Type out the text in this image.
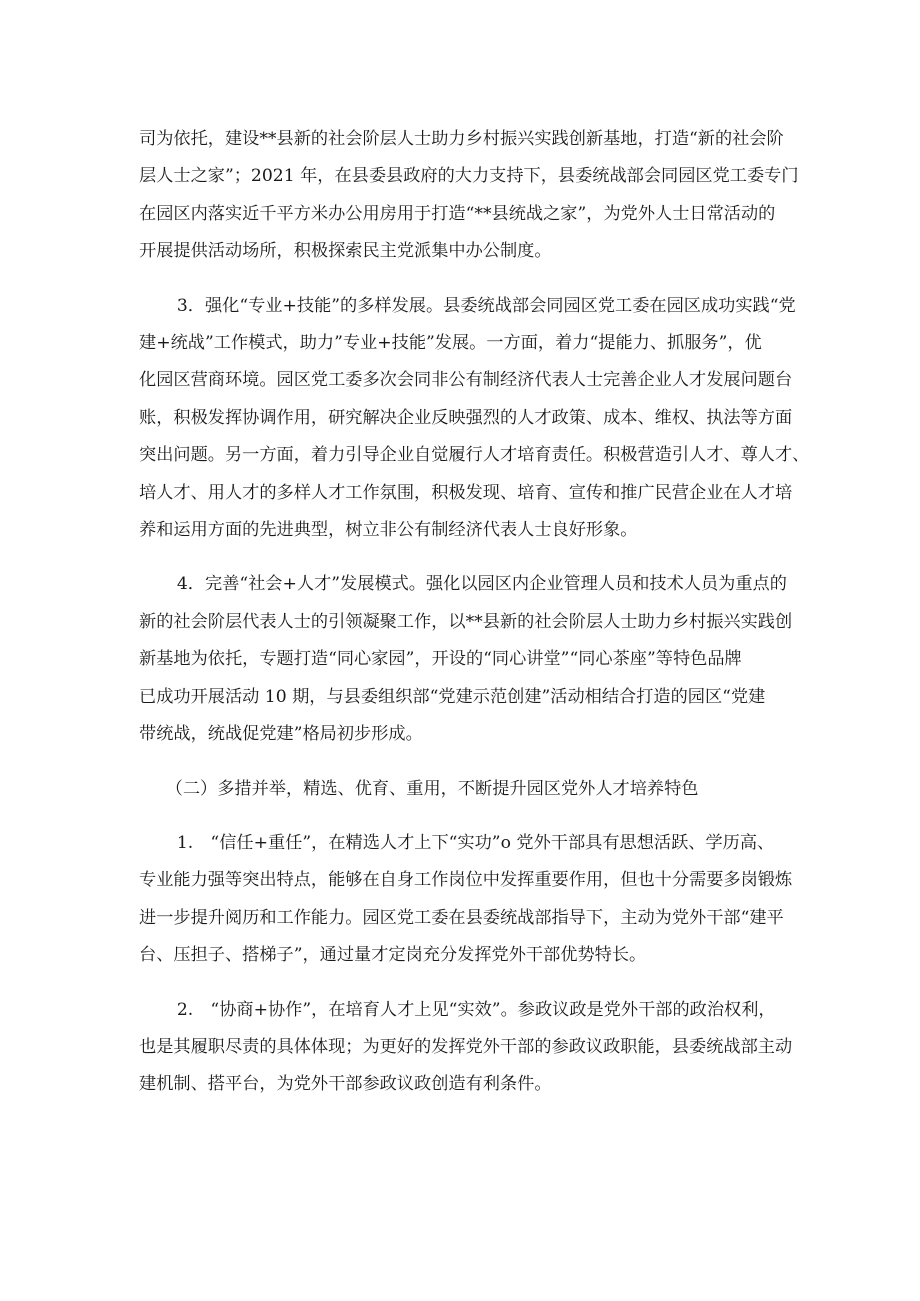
司为依托，建设**县新的社会阶层人士助力乡村振兴实践创新基地，打造“新的社会阶
层人士之家”；2021 年，在县委县政府的大力支持下，县委统战部会同园区党工委专门
在园区内落实近千平方米办公用房用于打造“**县统战之家”，为党外人士日常活动的
开展提供活动场所，积极探索民主党派集中办公制度。
3．强化“专业+技能”的多样发展。县委统战部会同园区党工委在园区成功实践“党
建+统战”工作模式，助力”专业+技能”发展。一方面，着力“提能力、抓服务”，优
化园区营商环境。园区党工委多次会同非公有制经济代表人士完善企业人才发展问题台
账，积极发挥协调作用，研究解决企业反映强烈的人才政策、成本、维权、执法等方面
突出问题。另一方面，着力引导企业自觉履行人才培育责任。积极营造引人才、尊人才、
培人才、用人才的多样人才工作氛围，积极发现、培育、宣传和推广民营企业在人才培
养和运用方面的先进典型，树立非公有制经济代表人士良好形象。
4．完善“社会+人才”发展模式。强化以园区内企业管理人员和技术人员为重点的
新的社会阶层代表人士的引领凝聚工作，以**县新的社会阶层人士助力乡村振兴实践创
新基地为依托，专题打造“同心家园”，开设的“同心讲堂”“同心茶座”等特色品牌
已成功开展活动 10 期，与县委组织部“党建示范创建”活动相结合打造的园区“党建
带统战，统战促党建”格局初步形成。
（二）多措并举，精选、优育、重用，不断提升园区党外人才培养特色
1.　“信任+重任”，在精选人才上下“实功”o 党外干部具有思想活跃、学历高、
专业能力强等突出特点，能够在自身工作岗位中发挥重要作用，但也十分需要多岗锻炼
进一步提升阅历和工作能力。园区党工委在县委统战部指导下，主动为党外干部“建平
台、压担子、搭梯子”，通过量才定岗充分发挥党外干部优势特长。
2.　“协商+协作”，在培育人才上见“实效”。参政议政是党外干部的政治权利，
也是其履职尽责的具体体现；为更好的发挥党外干部的参政议政职能，县委统战部主动
建机制、搭平台，为党外干部参政议政创造有利条件。
